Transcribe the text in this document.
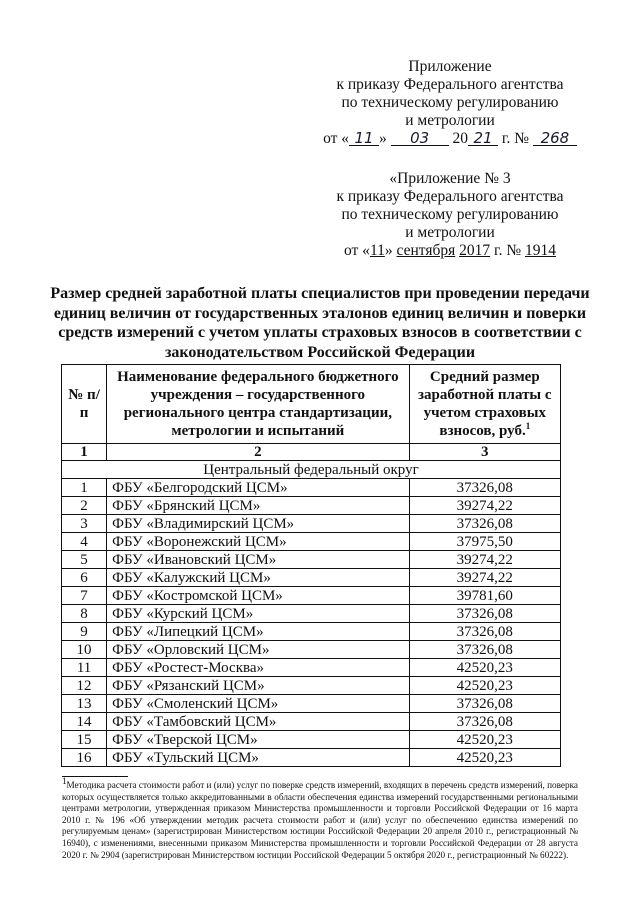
Приложение
к приказу Федерального агентства
по техническому регулированию
и метрологии
от « 11 » 03 20 21 г. № 268
«Приложение № 3
к приказу Федерального агентства
по техническому регулированию
и метрологии
от «11» сентября 2017 г. № 1914
Размер средней заработной платы специалистов при проведении передачи единиц величин от государственных эталонов единиц величин и поверки средств измерений с учетом уплаты страховых взносов в соответствии с законодательством Российской Федерации
№ п/п	Наименование федерального бюджетного учреждения – государственного регионального центра стандартизации, метрологии и испытаний	Средний размер заработной платы с учетом страховых взносов, руб.$^1$
1	2	3
Центральный федеральный округ		
1	ФБУ «Белгородский ЦСМ»	37326,08
2	ФБУ «Брянский ЦСМ»	39274,22
3	ФБУ «Владимирский ЦСМ»	37326,08
4	ФБУ «Воронежский ЦСМ»	37975,50
5	ФБУ «Ивановский ЦСМ»	39274,22
6	ФБУ «Калужский ЦСМ»	39274,22
7	ФБУ «Костромской ЦСМ»	39781,60
8	ФБУ «Курский ЦСМ»	37326,08
9	ФБУ «Липецкий ЦСМ»	37326,08
10	ФБУ «Орловский ЦСМ»	37326,08
11	ФБУ «Ростест-Москва»	42520,23
12	ФБУ «Рязанский ЦСМ»	42520,23
13	ФБУ «Смоленский ЦСМ»	37326,08
14	ФБУ «Тамбовский ЦСМ»	37326,08
15	ФБУ «Тверской ЦСМ»	42520,23
16	ФБУ «Тульский ЦСМ»	42520,23
$^1$Методика расчета стоимости работ и (или) услуг по поверке средств измерений, входящих в перечень средств измерений, поверка которых осуществляется только аккредитованными в области обеспечения единства измерений государственными региональными центрами метрологии, утвержденная приказом Министерства промышленности и торговли Российской Федерации от 16 марта 2010 г. № 196 «Об утверждении методик расчета стоимости работ и (или) услуг по обеспечению единства измерений по регулируемым ценам» (зарегистрирован Министерством юстиции Российской Федерации 20 апреля 2010 г., регистрационный № 16940), с изменениями, внесенными приказом Министерства промышленности и торговли Российской Федерации от 28 августа 2020 г. № 2904 (зарегистрирован Министерством юстиции Российской Федерации 5 октября 2020 г., регистрационный № 60222).
